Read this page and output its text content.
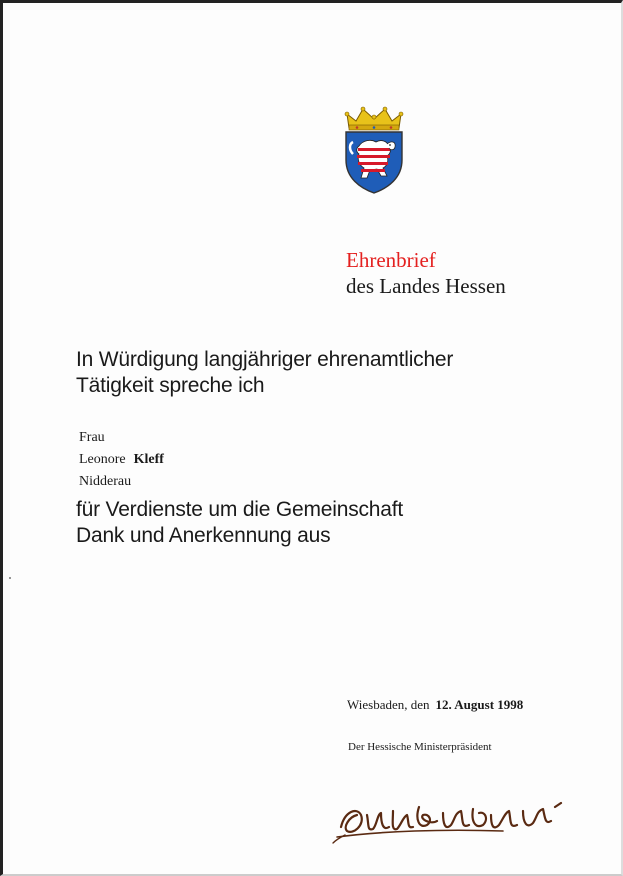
Ehrenbrief
des Landes Hessen
In Würdigung langjähriger ehrenamtlicher
Tätigkeit spreche ich
Frau
Leonore Kleff
Nidderau
für Verdienste um die Gemeinschaft
Dank und Anerkennung aus
Wiesbaden, den 12. August 1998
Der Hessische Ministerpräsident
